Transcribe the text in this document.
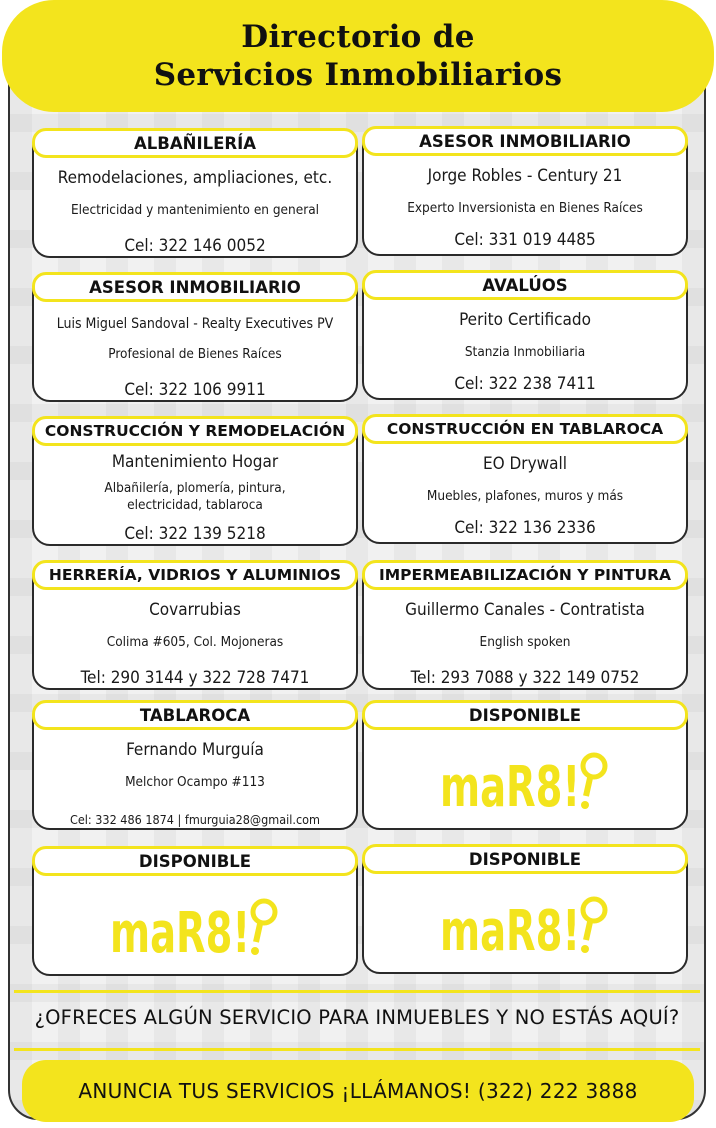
Directorio de
Servicios Inmobiliarios
ALBAÑILERÍA
Remodelaciones, ampliaciones, etc.
Electricidad y mantenimiento en general
Cel: 322 146 0052
ASESOR INMOBILIARIO
Jorge Robles - Century 21
Experto Inversionista en Bienes Raíces
Cel: 331 019 4485
ASESOR INMOBILIARIO
Luis Miguel Sandoval - Realty Executives PV
Profesional de Bienes Raíces
Cel: 322 106 9911
AVALÚOS
Perito Certificado
Stanzia Inmobiliaria
Cel: 322 238 7411
CONSTRUCCIÓN Y REMODELACIÓN
Mantenimiento Hogar
Albañilería, plomería, pintura, electricidad, tablaroca
Cel: 322 139 5218
CONSTRUCCIÓN EN TABLAROCA
EO Drywall
Muebles, plafones, muros y más
Cel: 322 136 2336
HERRERÍA, VIDRIOS Y ALUMINIOS
Covarrubias
Colima #605, Col. Mojoneras
Tel: 290 3144 y 322 728 7471
IMPERMEABILIZACIÓN Y PINTURA
Guillermo Canales - Contratista
English spoken
Tel: 293 7088 y 322 149 0752
TABLAROCA
Fernando Murguía
Melchor Ocampo #113
Cel: 332 486 1874 | fmurguia28@gmail.com
DISPONIBLE
maR8!
DISPONIBLE
maR8!
DISPONIBLE
maR8!
¿OFRECES ALGÚN SERVICIO PARA INMUEBLES Y NO ESTÁS AQUÍ?
ANUNCIA TUS SERVICIOS ¡LLÁMANOS! (322) 222 3888
